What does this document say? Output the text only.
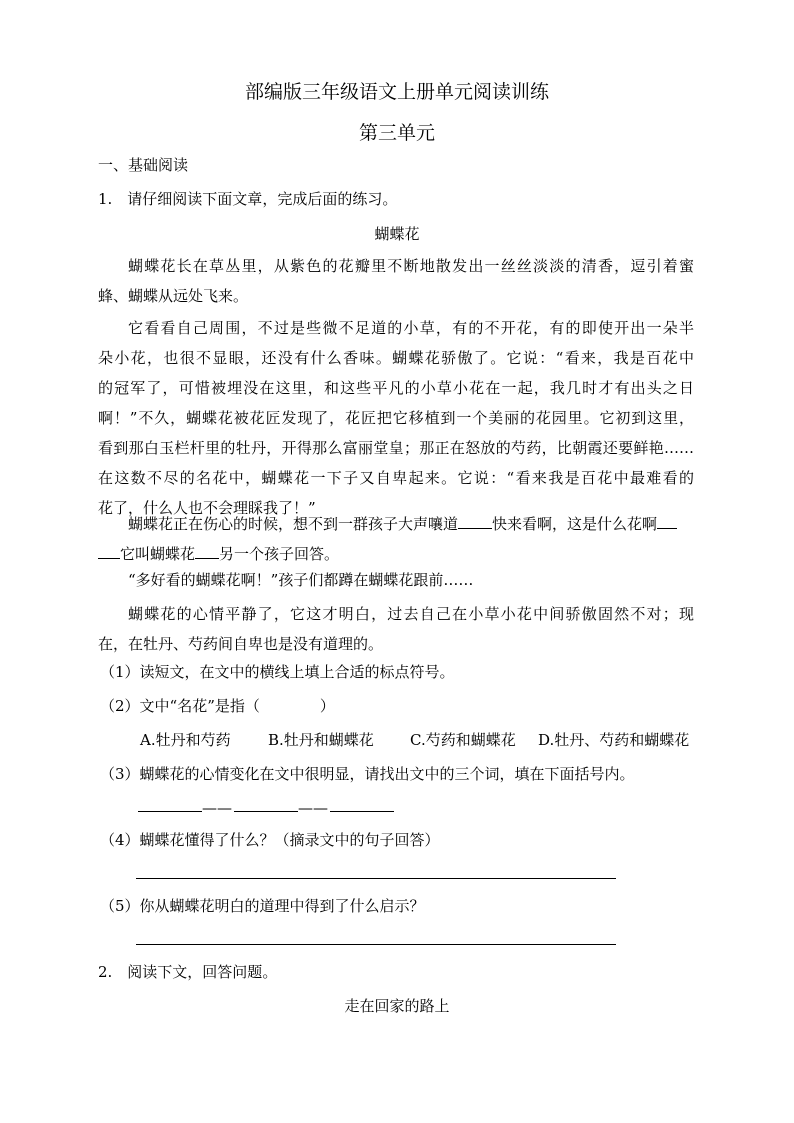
部编版三年级语文上册单元阅读训练
第三单元
一、基础阅读
1.　请仔细阅读下面文章，完成后面的练习。
蝴蝶花
蝴蝶花长在草丛里，从紫色的花瓣里不断地散发出一丝丝淡淡的清香，逗引着蜜
蜂、蝴蝶从远处飞来。
它看看自己周围，不过是些微不足道的小草，有的不开花，有的即使开出一朵半
朵小花，也很不显眼，还没有什么香味。蝴蝶花骄傲了。它说：“看来，我是百花中
的冠军了，可惜被埋没在这里，和这些平凡的小草小花在一起，我几时才有出头之日
啊！”不久，蝴蝶花被花匠发现了，花匠把它移植到一个美丽的花园里。它初到这里，
看到那白玉栏杆里的牡丹，开得那么富丽堂皇；那正在怒放的芍药，比朝霞还要鲜艳……
在这数不尽的名花中，蝴蝶花一下子又自卑起来。它说：“看来我是百花中最难看的
花了，什么人也不会理睬我了！”
蝴蝶花正在伤心的时候，想不到一群孩子大声嚷道 快来看啊，这是什么花啊
它叫蝴蝶花 另一个孩子回答。
“多好看的蝴蝶花啊！”孩子们都蹲在蝴蝶花跟前……
蝴蝶花的心情平静了，它这才明白，过去自己在小草小花中间骄傲固然不对；现
在，在牡丹、芍药间自卑也是没有道理的。
（1）读短文，在文中的横线上填上合适的标点符号。
（2）文中“名花”是指（　　　　）
A.牡丹和芍药 B.牡丹和蝴蝶花 C.芍药和蝴蝶花 D.牡丹、芍药和蝴蝶花
（3）蝴蝶花的心情变化在文中很明显，请找出文中的三个词，填在下面括号内。
——	——
（4）蝴蝶花懂得了什么？（摘录文中的句子回答）
（5）你从蝴蝶花明白的道理中得到了什么启示？
2.　阅读下文，回答问题。
走在回家的路上
